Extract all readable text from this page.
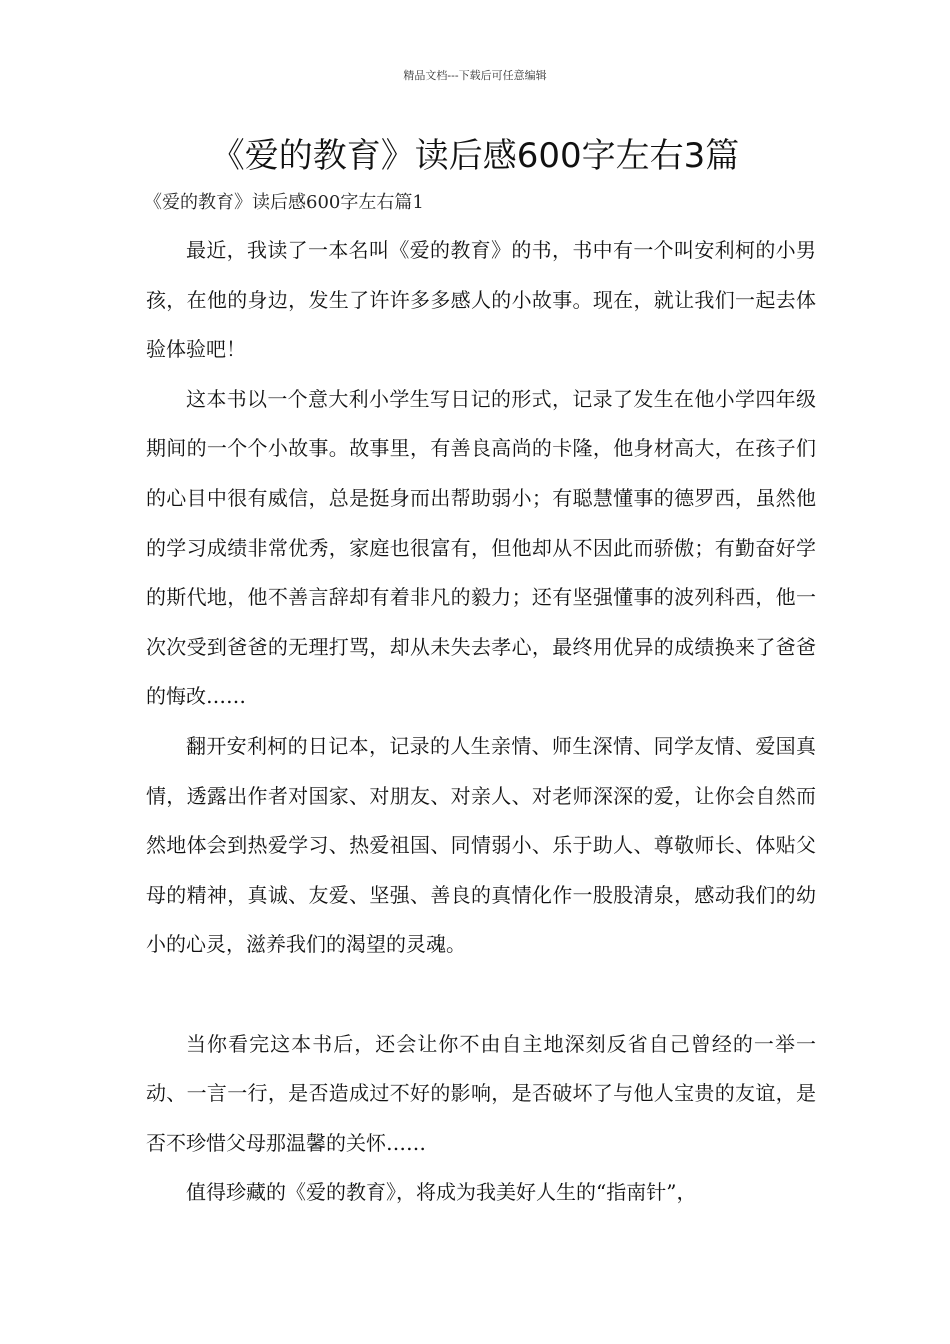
精品文档---下载后可任意编辑
《爱的教育》读后感600字左右3篇
《爱的教育》读后感600字左右篇1

最近，我读了一本名叫《爱的教育》的书，书中有一个叫安利柯的小男孩，在他的身边，发生了许许多多感人的小故事。现在，就让我们一起去体验体验吧！

这本书以一个意大利小学生写日记的形式，记录了发生在他小学四年级期间的一个个小故事。故事里，有善良高尚的卡隆，他身材高大，在孩子们的心目中很有威信，总是挺身而出帮助弱小；有聪慧懂事的德罗西，虽然他的学习成绩非常优秀，家庭也很富有，但他却从不因此而骄傲；有勤奋好学的斯代地，他不善言辞却有着非凡的毅力；还有坚强懂事的波列科西，他一次次受到爸爸的无理打骂，却从未失去孝心，最终用优异的成绩换来了爸爸的悔改……

翻开安利柯的日记本，记录的人生亲情、师生深情、同学友情、爱国真情，透露出作者对国家、对朋友、对亲人、对老师深深的爱，让你会自然而然地体会到热爱学习、热爱祖国、同情弱小、乐于助人、尊敬师长、体贴父母的精神，真诚、友爱、坚强、善良的真情化作一股股清泉，感动我们的幼小的心灵，滋养我们的渴望的灵魂。

当你看完这本书后，还会让你不由自主地深刻反省自己曾经的一举一动、一言一行，是否造成过不好的影响，是否破坏了与他人宝贵的友谊，是否不珍惜父母那温馨的关怀……

值得珍藏的《爱的教育》，将成为我美好人生的“指南针”，
